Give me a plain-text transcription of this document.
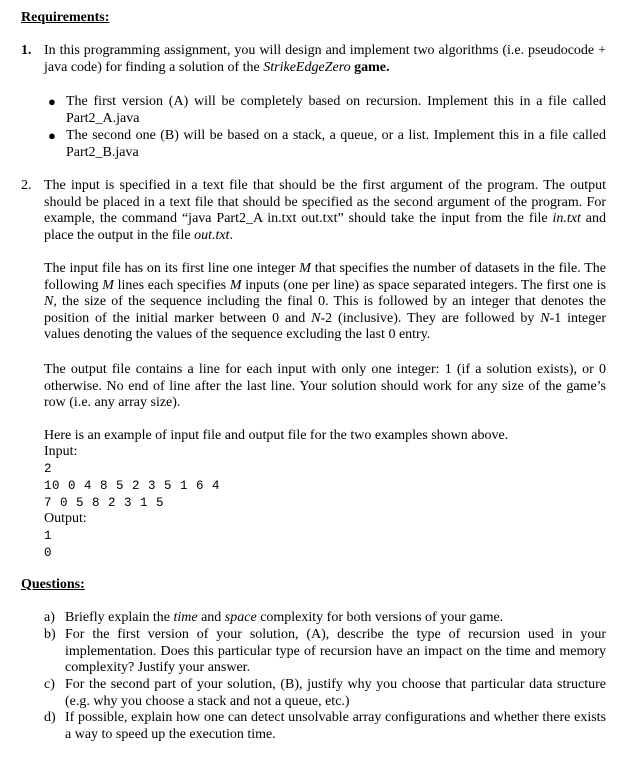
Requirements:
1. In this programming assignment, you will design and implement two algorithms (i.e. pseudocode + java code) for finding a solution of the StrikeEdgeZero game.
● The first version (A) will be completely based on recursion. Implement this in a file called Part2_A.java
● The second one (B) will be based on a stack, a queue, or a list. Implement this in a file called Part2_B.java
2. The input is specified in a text file that should be the first argument of the program. The output should be placed in a text file that should be specified as the second argument of the program. For example, the command “java Part2_A in.txt out.txt” should take the input from the file in.txt and place the output in the file out.txt.
The input file has on its first line one integer M that specifies the number of datasets in the file. The following M lines each specifies M inputs (one per line) as space separated integers. The first one is N, the size of the sequence including the final 0. This is followed by an integer that denotes the position of the initial marker between 0 and N-2 (inclusive). They are followed by N-1 integer values denoting the values of the sequence excluding the last 0 entry.
The output file contains a line for each input with only one integer: 1 (if a solution exists), or 0 otherwise. No end of line after the last line. Your solution should work for any size of the game’s row (i.e. any array size).
Here is an example of input file and output file for the two examples shown above.
Input:
2
10 0 4 8 5 2 3 5 1 6 4
7 0 5 8 2 3 1 5
Output:
1
0
Questions:
a) Briefly explain the time and space complexity for both versions of your game.
b) For the first version of your solution, (A), describe the type of recursion used in your implementation. Does this particular type of recursion have an impact on the time and memory complexity? Justify your answer.
c) For the second part of your solution, (B), justify why you choose that particular data structure (e.g. why you choose a stack and not a queue, etc.)
d) If possible, explain how one can detect unsolvable array configurations and whether there exists a way to speed up the execution time.
